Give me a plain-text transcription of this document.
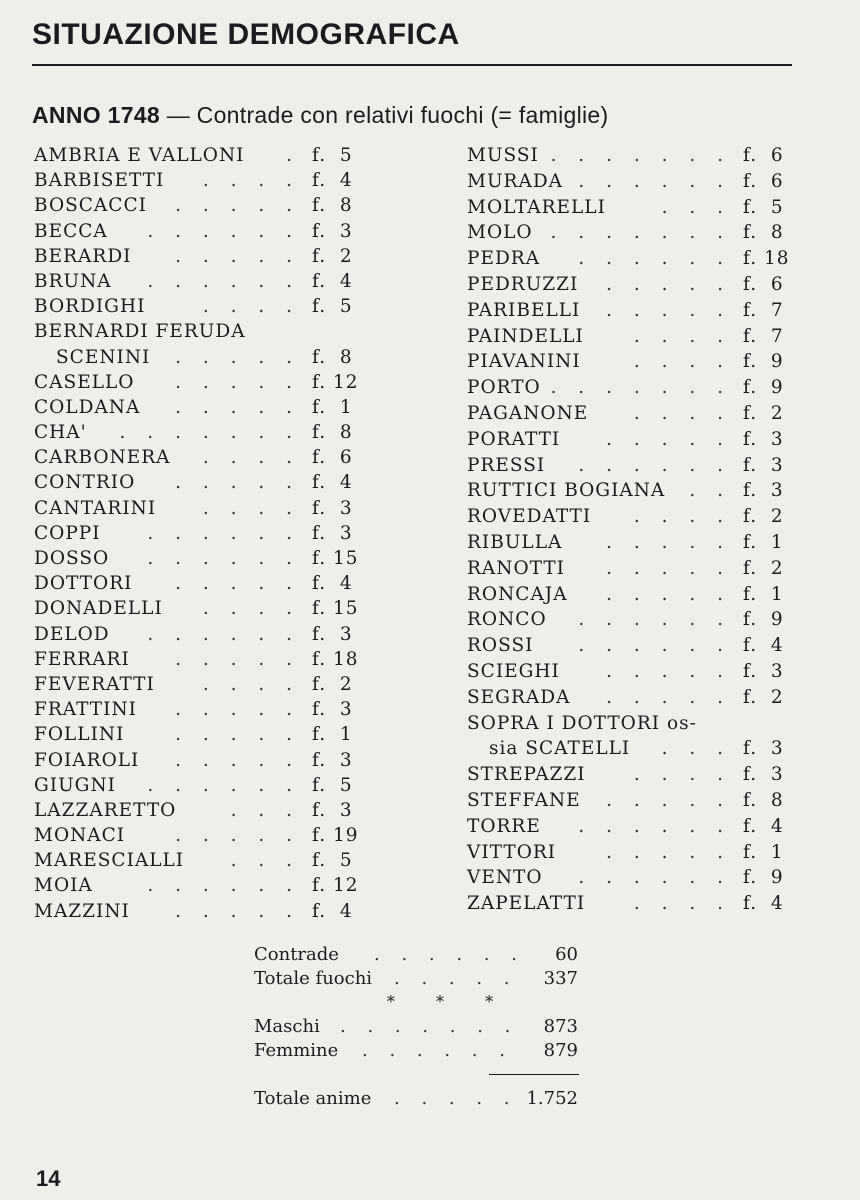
SITUAZIONE DEMOGRAFICA
ANNO 1748 — Contrade con relativi fuochi (= famiglie)
AMBRIA E VALLONI . f.  5
BARBISETTI . . . . f.  4
BOSCACCI . . . . . f.  8
BECCA . . . . . . f.  3
BERARDI . . . . . f.  2
BRUNA . . . . . . f.  4
BORDIGHI	. . . . f.  5
BERNARDI FERUDA
SCENINI . . . . . f.  8
CASELLO . . . . . f. 12
COLDANA . . . . . f.  1
CHA' . . . . . . . f.  8
CARBONERA . . . . f.  6
CONTRIO . . . . . f.  4
CANTARINI	. . . . f.  3
COPPI	. . . . . . f.  3
DOSSO . . . . . . f. 15
DOTTORI . . . . . f.  4
DONADELLI . . . . f. 15
DELOD . . . . . . f.  3
FERRARI . . . . . f. 18
FEVERATTI	. . . . f.  2
FRATTINI . . . . . f.  3
FOLLINI	. . . . . f.  1
FOIAROLI . . . . . f.  3
GIUGNI . . . . . . f.  5
LAZZARETTO	. . . f.  3
MONACI	. . . . . f. 19
MARESCIALLI	. . . f.  5
MOIA	. . . . . . f. 12
MAZZINI . . . . . f.  4
MUSSI . . . . . . . f.  6
MURADA . . . . . . f.  6
MOLTARELLI	. . . f.  5
MOLO . . . . . . . f.  8
PEDRA . . . . . . f. 18
PEDRUZZI . . . . . f.  6
PARIBELLI . . . . . f.  7
PAINDELLI	. . . . f.  7
PIAVANINI	. . . . f.  9
PORTO . . . . . . . f.  9
PAGANONE . . . . f.  2
PORATTI . . . . . f.  3
PRESSI . . . . . . f.  3
RUTTICI BOGIANA . . f.  3
ROVEDATTI . . . . f.  2
RIBULLA . . . . . f.  1
RANOTTI . . . . . f.  2
RONCAJA . . . . . f.  1
RONCO . . . . . . f.  9
ROSSI . . . . . . f.  4
SCIEGHI . . . . . f.  3
SEGRADA . . . . . f.  2
SOPRA I DOTTORI os-
sia SCATELLI . . . f.  3
STREPAZZI	. . . . f.  3
STEFFANE . . . . . f.  8
TORRE . . . . . . f.  4
VITTORI	. . . . . f.  1
VENTO . . . . . . f.  9
ZAPELATTI	. . . . f.  4
Contrade . . . . . . 60
Totale fuochi . . . . . 337
* * *
Maschi . . . . . . . 873
Femmine . . . . . . 879
Totale anime . . . . . 1.752
14
